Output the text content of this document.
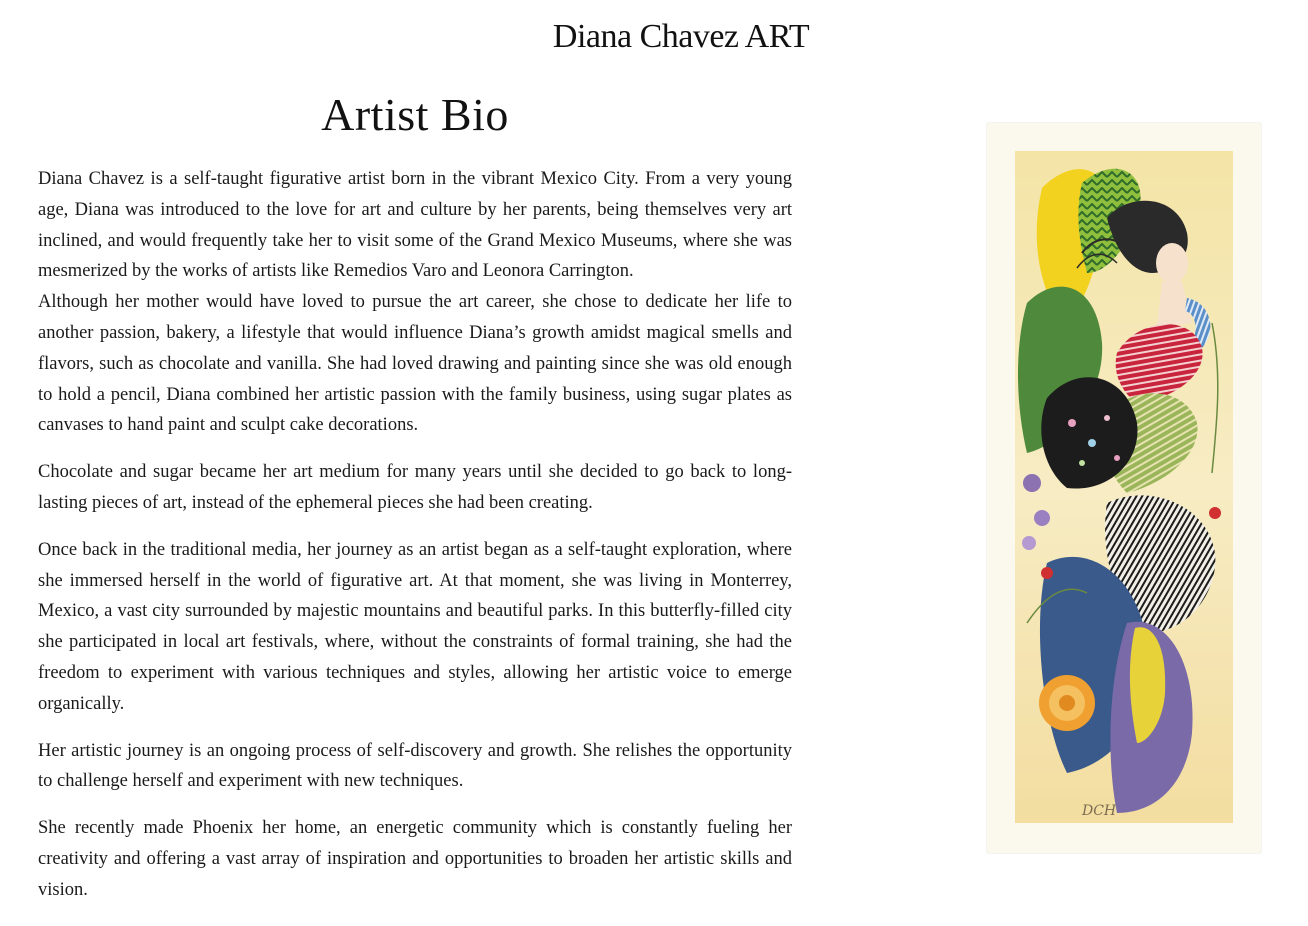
Diana Chavez ART
Artist Bio

Diana Chavez is a self-taught figurative artist born in the vibrant Mexico City. From a very young age, Diana was introduced to the love for art and culture by her parents, being themselves very art inclined, and would frequently take her to visit some of the Grand Mexico Museums, where she was mesmerized by the works of artists like Remedios Varo and Leonora Carrington.

Although her mother would have loved to pursue the art career, she chose to dedicate her life to another passion, bakery, a lifestyle that would influence Diana’s growth amidst magical smells and flavors, such as chocolate and vanilla. She had loved drawing and painting since she was old enough to hold a pencil, Diana combined her artistic passion with the family business, using sugar plates as canvases to hand paint and sculpt cake decorations.

Chocolate and sugar became her art medium for many years until she decided to go back to long-lasting pieces of art, instead of the ephemeral pieces she had been creating.

Once back in the traditional media, her journey as an artist began as a self-taught exploration, where she immersed herself in the world of figurative art. At that moment, she was living in Monterrey, Mexico, a vast city surrounded by majestic mountains and beautiful parks. In this butterfly-filled city she participated in local art festivals, where, without the constraints of formal training, she had the freedom to experiment with various techniques and styles, allowing her artistic voice to emerge organically.

Her artistic journey is an ongoing process of self-discovery and growth. She relishes the opportunity to challenge herself and experiment with new techniques.

She recently made Phoenix her home, an energetic community which is constantly fueling her creativity and offering a vast array of inspiration and opportunities to broaden her artistic skills and vision.

DCH
